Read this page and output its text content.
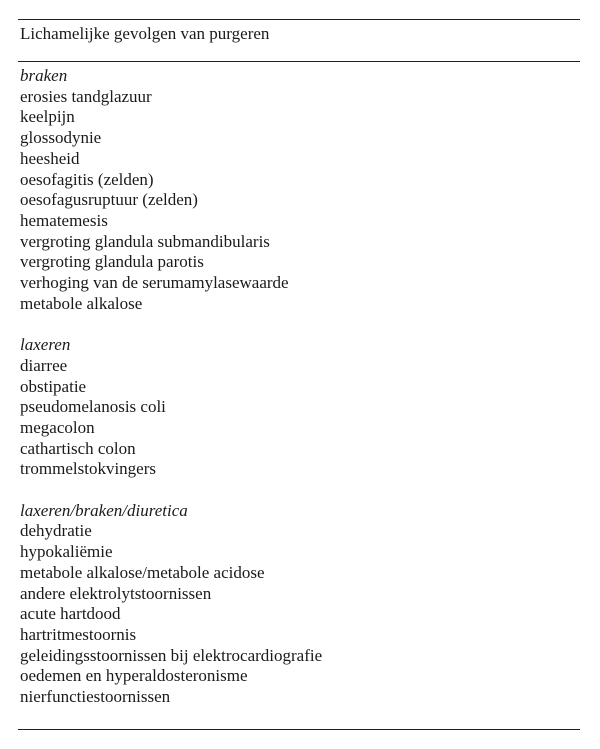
Lichamelijke gevolgen van purgeren
braken
erosies tandglazuur
keelpijn
glossodynie
heesheid
oesofagitis (zelden)
oesofagusruptuur (zelden)
hematemesis
vergroting glandula submandibularis
vergroting glandula parotis
verhoging van de serumamylasewaarde
metabole alkalose
laxeren
diarree
obstipatie
pseudomelanosis coli
megacolon
cathartisch colon
trommelstokvingers
laxeren/braken/diuretica
dehydratie
hypokaliëmie
metabole alkalose/metabole acidose
andere elektrolytstoornissen
acute hartdood
hartritmestoornis
geleidingsstoornissen bij elektrocardiografie
oedemen en hyperaldosteronisme
nierfunctiestoornissen
